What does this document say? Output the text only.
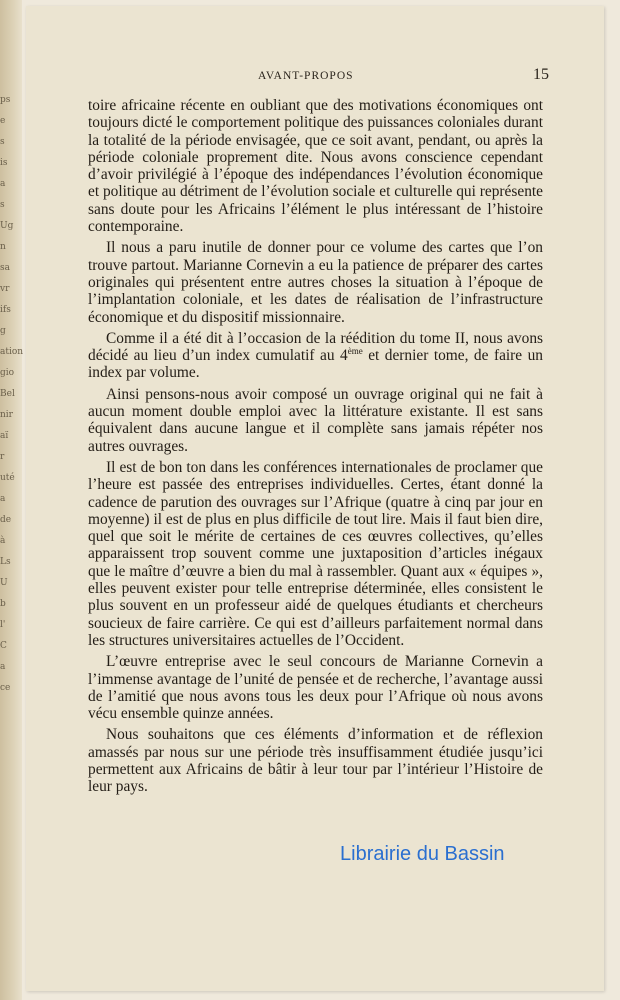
ps
e
s
is
a
s
Ug
n
sa
vr
ifs
g
ation
gio
Bel
nir
aï
r
uté
a
de
à
Ls
U
b
l'
C
a
ce
AVANT-PROPOS	15

toire africaine récente en oubliant que des motivations économiques ont toujours dicté le comportement politique des puissances coloniales durant la totalité de la période envisagée, que ce soit avant, pendant, ou après la période coloniale proprement dite. Nous avons conscience cependant d’avoir privilégié à l’époque des indépendances l’évolution économique et politique au détriment de l’évolution sociale et culturelle qui représente sans doute pour les Africains l’élément le plus intéressant de l’histoire contemporaine.

Il nous a paru inutile de donner pour ce volume des cartes que l’on trouve partout. Marianne Cornevin a eu la patience de préparer des cartes originales qui présentent entre autres choses la situation à l’époque de l’implantation coloniale, et les dates de réalisation de l’infrastructure économique et du dispositif missionnaire.

Comme il a été dit à l’occasion de la réédition du tome II, nous avons décidé au lieu d’un index cumulatif au 4ème et dernier tome, de faire un index par volume.

Ainsi pensons-nous avoir composé un ouvrage original qui ne fait à aucun moment double emploi avec la littérature existante. Il est sans équivalent dans aucune langue et il complète sans jamais répéter nos autres ouvrages.

Il est de bon ton dans les conférences internationales de proclamer que l’heure est passée des entreprises individuelles. Certes, étant donné la cadence de parution des ouvrages sur l’Afrique (quatre à cinq par jour en moyenne) il est de plus en plus difficile de tout lire. Mais il faut bien dire, quel que soit le mérite de certaines de ces œuvres collectives, qu’elles apparaissent trop souvent comme une juxtaposition d’articles inégaux que le maître d’œuvre a bien du mal à rassembler. Quant aux « équipes », elles peuvent exister pour telle entreprise déterminée, elles consistent le plus souvent en un professeur aidé de quelques étudiants et chercheurs soucieux de faire carrière. Ce qui est d’ailleurs parfaitement normal dans les structures universitaires actuelles de l’Occident.

L’œuvre entreprise avec le seul concours de Marianne Cornevin a l’immense avantage de l’unité de pensée et de recherche, l’avantage aussi de l’amitié que nous avons tous les deux pour l’Afrique où nous avons vécu ensemble quinze années.

Nous souhaitons que ces éléments d’information et de réflexion amassés par nous sur une période très insuffisamment étudiée jusqu’ici permettent aux Africains de bâtir à leur tour par l’intérieur l’Histoire de leur pays.

Librairie du Bassin
